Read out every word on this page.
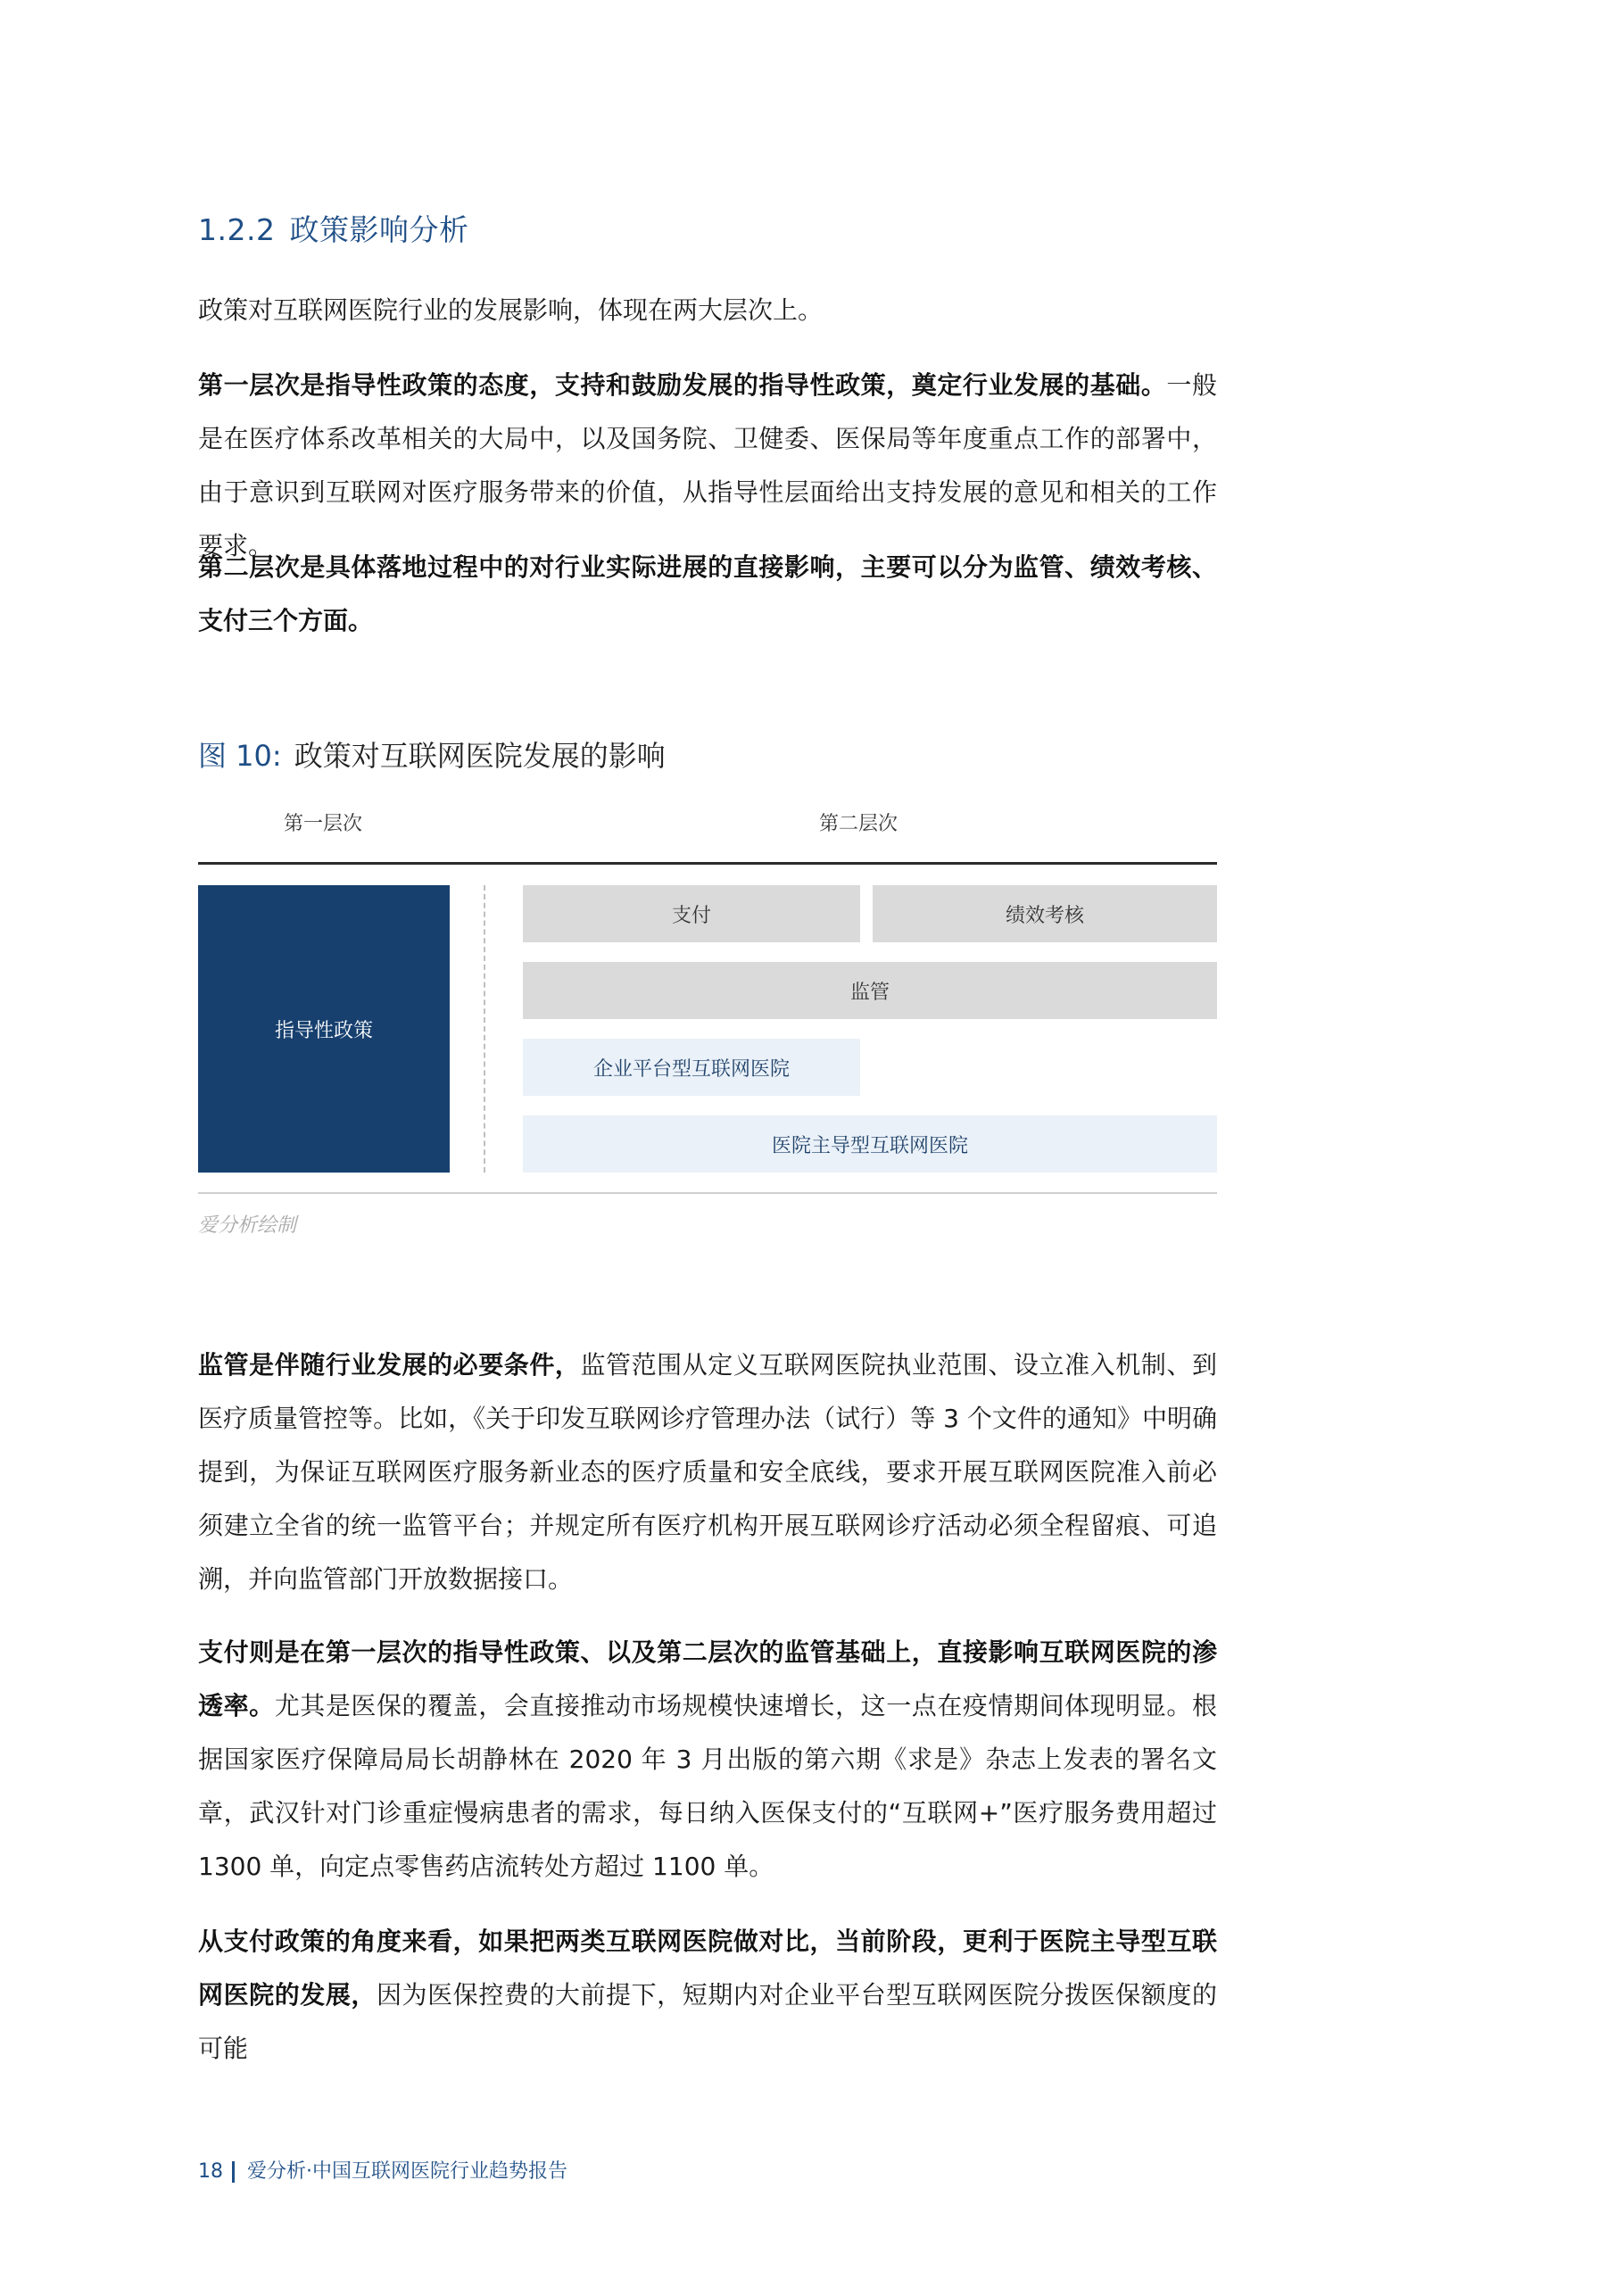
1.2.2 政策影响分析
政策对互联网医院行业的发展影响，体现在两大层次上。
第一层次是指导性政策的态度，支持和鼓励发展的指导性政策，奠定行业发展的基础。一般是在医疗体系改革相关的大局中，以及国务院、卫健委、医保局等年度重点工作的部署中，由于意识到互联网对医疗服务带来的价值，从指导性层面给出支持发展的意见和相关的工作要求。
第二层次是具体落地过程中的对行业实际进展的直接影响，主要可以分为监管、绩效考核、支付三个方面。
图 10: 政策对互联网医院发展的影响
第一层次	第二层次
指导性政策
支付	绩效考核
监管
企业平台型互联网医院
医院主导型互联网医院
爱分析绘制
监管是伴随行业发展的必要条件，监管范围从定义互联网医院执业范围、设立准入机制、到医疗质量管控等。比如，《关于印发互联网诊疗管理办法（试行）等 3 个文件的通知》中明确提到，为保证互联网医疗服务新业态的医疗质量和安全底线，要求开展互联网医院准入前必须建立全省的统一监管平台；并规定所有医疗机构开展互联网诊疗活动必须全程留痕、可追溯，并向监管部门开放数据接口。
支付则是在第一层次的指导性政策、以及第二层次的监管基础上，直接影响互联网医院的渗透率。尤其是医保的覆盖，会直接推动市场规模快速增长，这一点在疫情期间体现明显。根据国家医疗保障局局长胡静林在 2020 年 3 月出版的第六期《求是》杂志上发表的署名文章，武汉针对门诊重症慢病患者的需求，每日纳入医保支付的“互联网+”医疗服务费用超过 1300 单，向定点零售药店流转处方超过 1100 单。
从支付政策的角度来看，如果把两类互联网医院做对比，当前阶段，更利于医院主导型互联网医院的发展，因为医保控费的大前提下，短期内对企业平台型互联网医院分拨医保额度的可能
18 爱分析·中国互联网医院行业趋势报告
